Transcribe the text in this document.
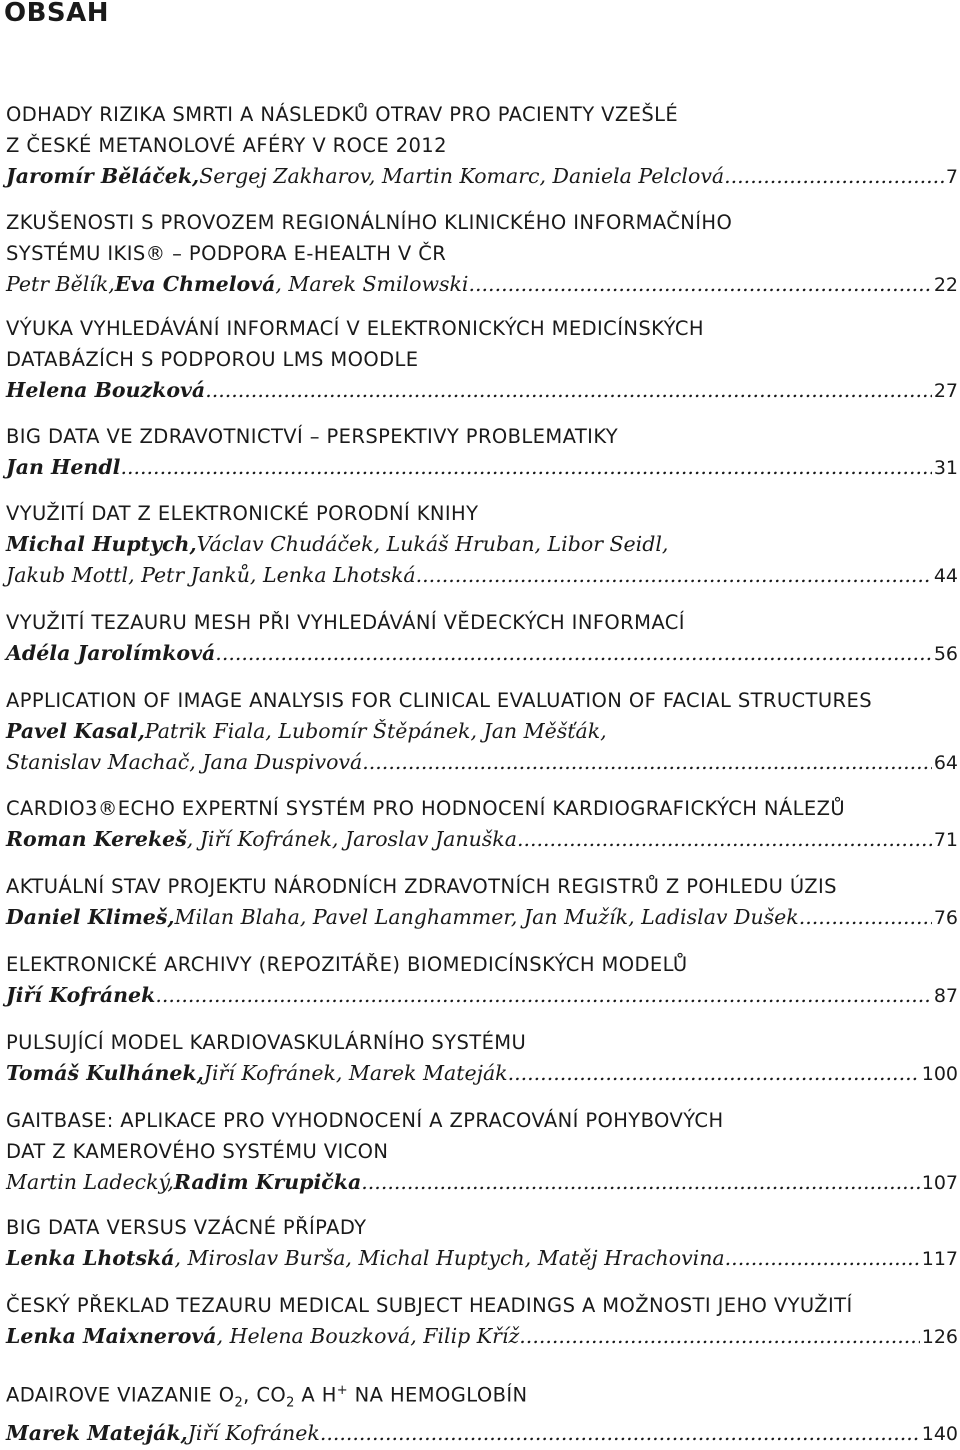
OBSAH
ODHADY RIZIKA SMRTI A NÁSLEDKŮ OTRAV PRO PACIENTY VZEŠLÉ
Z ČESKÉ METANOLOVÉ AFÉRY V ROCE 2012
Jaromír Běláček, Sergej Zakharov, Martin Komarc, Daniela Pelclová .....	7
ZKUŠENOSTI S PROVOZEM REGIONÁLNÍHO KLINICKÉHO INFORMAČNÍHO
SYSTÉMU IKIS® – PODPORA E-HEALTH V ČR
Petr Bělík, Eva Chmelová , Marek Smilowski .....	22
VÝUKA VYHLEDÁVÁNÍ INFORMACÍ V ELEKTRONICKÝCH MEDICÍNSKÝCH
DATABÁZÍCH S PODPOROU LMS MOODLE
Helena Bouzková .....	27
BIG DATA VE ZDRAVOTNICTVÍ – PERSPEKTIVY PROBLEMATIKY
Jan Hendl .....	31
VYUŽITÍ DAT Z ELEKTRONICKÉ PORODNÍ KNIHY
Michal Huptych, Václav Chudáček, Lukáš Hruban, Libor Seidl,
Jakub Mottl, Petr Janků, Lenka Lhotská .....	44
VYUŽITÍ TEZAURU MESH PŘI VYHLEDÁVÁNÍ VĚDECKÝCH INFORMACÍ
Adéla Jarolímková .....	56
APPLICATION OF IMAGE ANALYSIS FOR CLINICAL EVALUATION OF FACIAL STRUCTURES
Pavel Kasal, Patrik Fiala, Lubomír Štěpánek, Jan Měšťák,
Stanislav Machač, Jana Duspivová .....	64
CARDIO3®ECHO EXPERTNÍ SYSTÉM PRO HODNOCENÍ KARDIOGRAFICKÝCH NÁLEZŮ
Roman Kerekeš , Jiří Kofránek, Jaroslav Januška .....	71
AKTUÁLNÍ STAV PROJEKTU NÁRODNÍCH ZDRAVOTNÍCH REGISTRŮ Z POHLEDU ÚZIS
Daniel Klimeš, Milan Blaha, Pavel Langhammer, Jan Mužík, Ladislav Dušek .....	76
ELEKTRONICKÉ ARCHIVY (REPOZITÁŘE) BIOMEDICÍNSKÝCH MODELŮ
Jiří Kofránek .....	87
PULSUJÍCÍ MODEL KARDIOVASKULÁRNÍHO SYSTÉMU
Tomáš Kulhánek, Jiří Kofránek, Marek Mateják .....	100
GAITBASE: APLIKACE PRO VYHODNOCENÍ A ZPRACOVÁNÍ POHYBOVÝCH
DAT Z KAMEROVÉHO SYSTÉMU VICON
Martin Ladecký, Radim Krupička .....	107
BIG DATA VERSUS VZÁCNÉ PŘÍPADY
Lenka Lhotská , Miroslav Burša, Michal Huptych, Matěj Hrachovina .....	117
ČESKÝ PŘEKLAD TEZAURU MEDICAL SUBJECT HEADINGS A MOŽNOSTI JEHO VYUŽITÍ
Lenka Maixnerová , Helena Bouzková, Filip Kříž .....	126
ADAIROVE VIAZANIE $O_2$, $CO_2$ A H+ NA HEMOGLOBÍN
Marek Mateják, Jiří Kofránek .....	140
